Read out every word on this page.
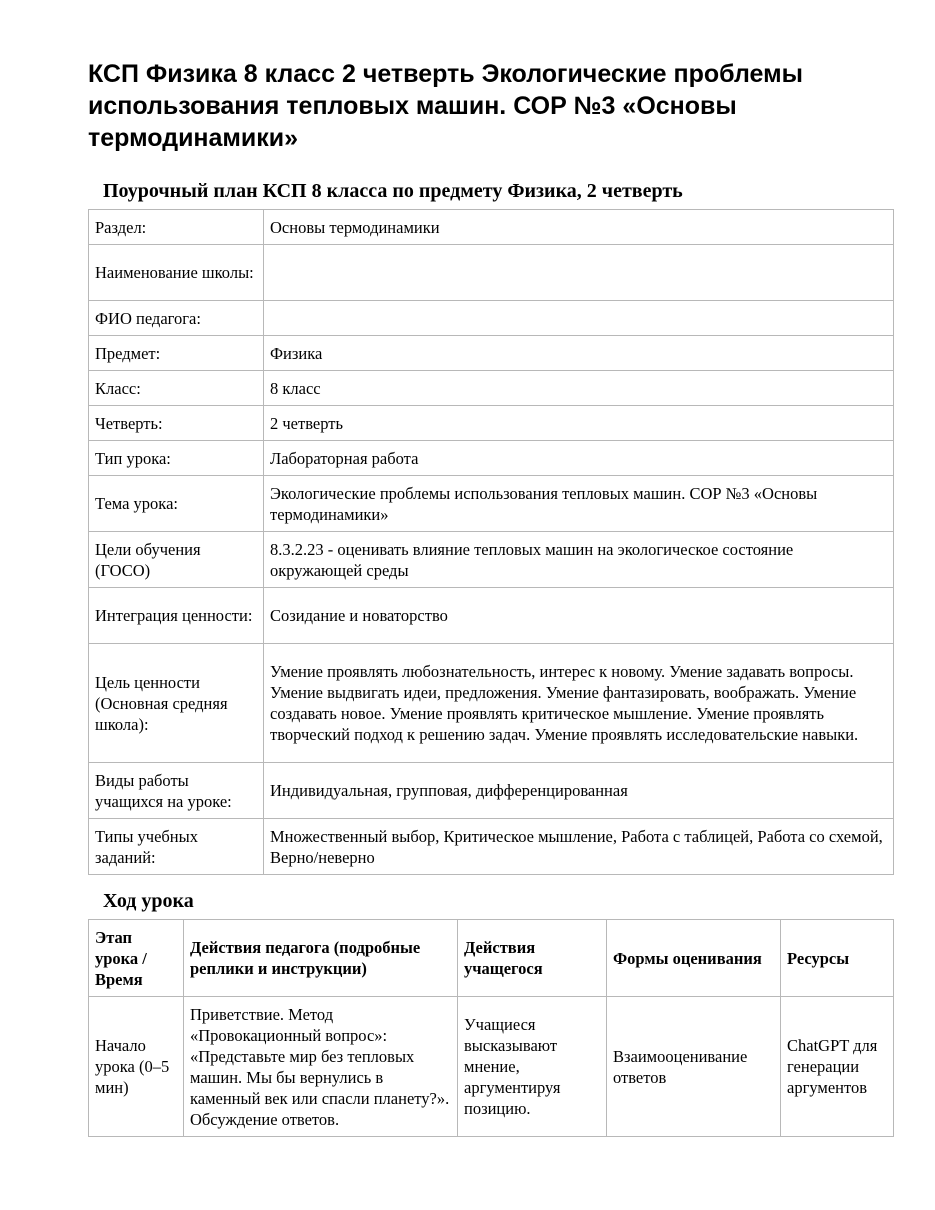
КСП Физика 8 класс 2 четверть Экологические проблемы использования тепловых машин. СОР №3 «Основы термодинамики»
Поурочный план КСП 8 класса по предмету Физика, 2 четверть
Раздел:	Основы термодинамики
Наименование школы:	
ФИО педагога:	
Предмет:	Физика
Класс:	8 класс
Четверть:	2 четверть
Тип урока:	Лабораторная работа
Тема урока:	Экологические проблемы использования тепловых машин. СОР №3 «Основы термодинамики»
Цели обучения (ГОСО)	8.3.2.23 - оценивать влияние тепловых машин на экологическое состояние окружающей среды
Интеграция ценности:	Созидание и новаторство
Цель ценности (Основная средняя школа):	Умение проявлять любознательность, интерес к новому. Умение задавать вопросы. Умение выдвигать идеи, предложения. Умение фантазировать, воображать. Умение создавать новое. Умение проявлять критическое мышление. Умение проявлять творческий подход к решению задач. Умение проявлять исследовательские навыки.
Виды работы учащихся на уроке:	Индивидуальная, групповая, дифференцированная
Типы учебных заданий:	Множественный выбор, Критическое мышление, Работа с таблицей, Работа со схемой, Верно/неверно
Ход урока
Этап урока / Время	Действия педагога (подробные реплики и инструкции)	Действия учащегося	Формы оценивания	Ресурсы
Начало урока (0–5 мин)	Приветствие. Метод «Провокационный вопрос»: «Представьте мир без тепловых машин. Мы бы вернулись в каменный век или спасли планету?». Обсуждение ответов.	Учащиеся высказывают мнение, аргументируя позицию.	Взаимооценивание ответов	ChatGPT для генерации аргументов
